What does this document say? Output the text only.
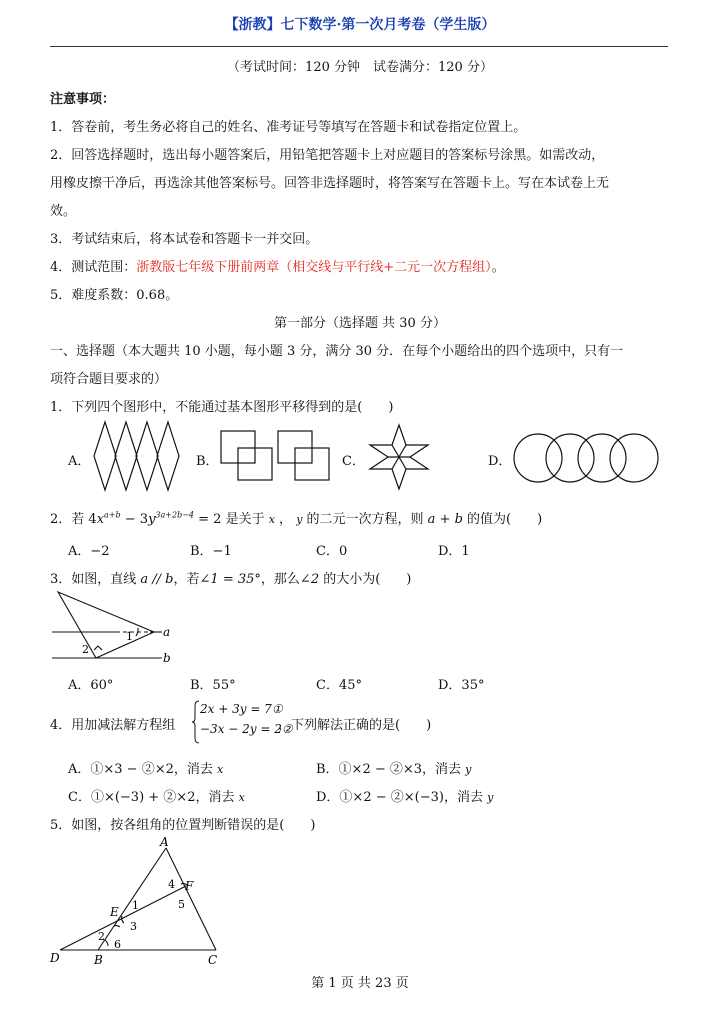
【浙教】七下数学·第一次月考卷（学生版）
（考试时间：120 分钟　试卷满分：120 分）
注意事项：
1．答卷前，考生务必将自己的姓名、准考证号等填写在答题卡和试卷指定位置上。
2．回答选择题时，选出每小题答案后，用铅笔把答题卡上对应题目的答案标号涂黑。如需改动，
用橡皮擦干净后，再选涂其他答案标号。回答非选择题时，将答案写在答题卡上。写在本试卷上无
效。
3．考试结束后，将本试卷和答题卡一并交回。
4．测试范围：浙教版七年级下册前两章（相交线与平行线+二元一次方程组）。
5．难度系数：0.68。
第一部分（选择题 共 30 分）
一、选择题（本大题共 10 小题，每小题 3 分，满分 30 分．在每个小题给出的四个选项中，只有一
项符合题目要求的）
1．下列四个图形中，不能通过基本图形平移得到的是(　　)
A．	B．	C．	D．
2．若 $4x^{a+b} - 3y^{3a+2b-4} = 2$ 是关于 x ， y 的二元一次方程，则 a + b 的值为(　　)
A．−2	B．−1	C．0	D．1
3．如图，直线 a // b，若∠1 = 35°，那么∠2 的大小为(　　)
a
b
1
2
A．60°	B．55°	C．45°	D．35°
4．用加减法解方程组
2x + 3y = 7①
−3x − 2y = 2②
，下列解法正确的是(　　)
A．①×3 − ②×2，消去 x	B．①×2 − ②×3，消去 y
C．①×(−3) + ②×2，消去 x	D．①×2 − ②×(−3)，消去 y
5．如图，按各组角的位置判断错误的是(　　)
A
B	C
D
E
F
1
2
3
4
5
6
第 1 页 共 23 页
